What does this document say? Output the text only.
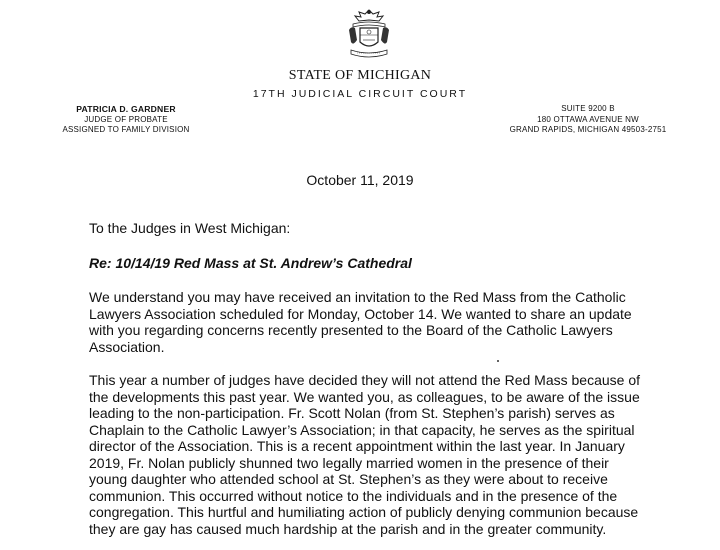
STATE OF MICHIGAN
17TH JUDICIAL CIRCUIT COURT
PATRICIA D. GARDNER
JUDGE OF PROBATE
ASSIGNED TO FAMILY DIVISION
SUITE 9200 B
180 OTTAWA AVENUE NW
GRAND RAPIDS, MICHIGAN 49503-2751
October 11, 2019
To the Judges in West Michigan:
Re: 10/14/19 Red Mass at St. Andrew’s Cathedral
We understand you may have received an invitation to the Red Mass from the Catholic
Lawyers Association scheduled for Monday, October 14. We wanted to share an update
with you regarding concerns recently presented to the Board of the Catholic Lawyers
Association.
This year a number of judges have decided they will not attend the Red Mass because of
the developments this past year. We wanted you, as colleagues, to be aware of the issue
leading to the non-participation. Fr. Scott Nolan (from St. Stephen’s parish) serves as
Chaplain to the Catholic Lawyer’s Association; in that capacity, he serves as the spiritual
director of the Association. This is a recent appointment within the last year. In January
2019, Fr. Nolan publicly shunned two legally married women in the presence of their
young daughter who attended school at St. Stephen’s as they were about to receive
communion. This occurred without notice to the individuals and in the presence of the
congregation. This hurtful and humiliating action of publicly denying communion because
they are gay has caused much hardship at the parish and in the greater community.
